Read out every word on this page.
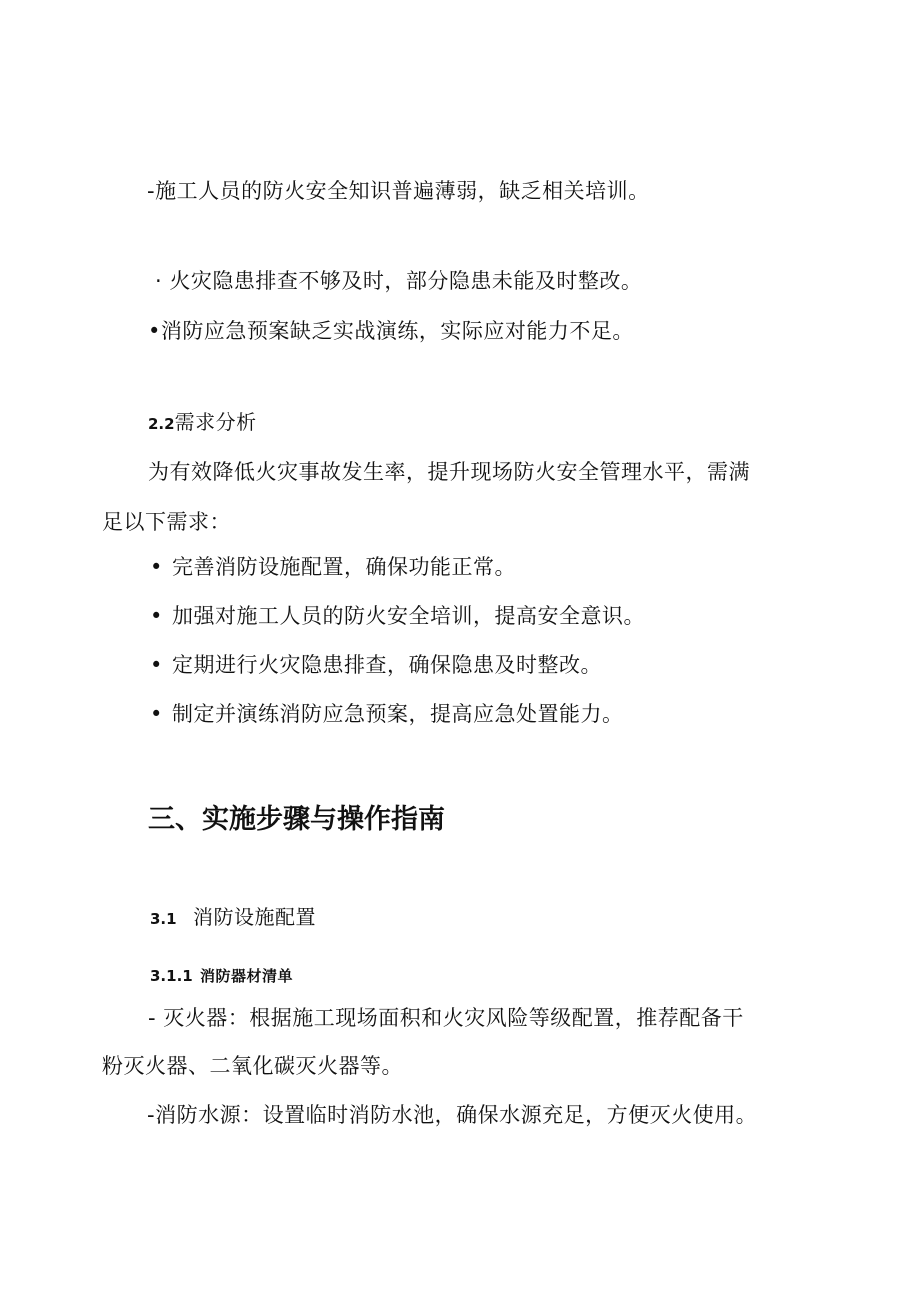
-施工人员的防火安全知识普遍薄弱，缺乏相关培训。
· 火灾隐患排查不够及时，部分隐患未能及时整改。
•消防应急预案缺乏实战演练，实际应对能力不足。
2.2需求分析
为有效降低火灾事故发生率，提升现场防火安全管理水平，需满
足以下需求：
• 完善消防设施配置，确保功能正常。
• 加强对施工人员的防火安全培训，提高安全意识。
• 定期进行火灾隐患排查，确保隐患及时整改。
• 制定并演练消防应急预案，提高应急处置能力。
三、实施步骤与操作指南
3.1 消防设施配置
3.1.1 消防器材清单
- 灭火器：根据施工现场面积和火灾风险等级配置，推荐配备干
粉灭火器、二氧化碳灭火器等。
-消防水源：设置临时消防水池，确保水源充足，方便灭火使用。
